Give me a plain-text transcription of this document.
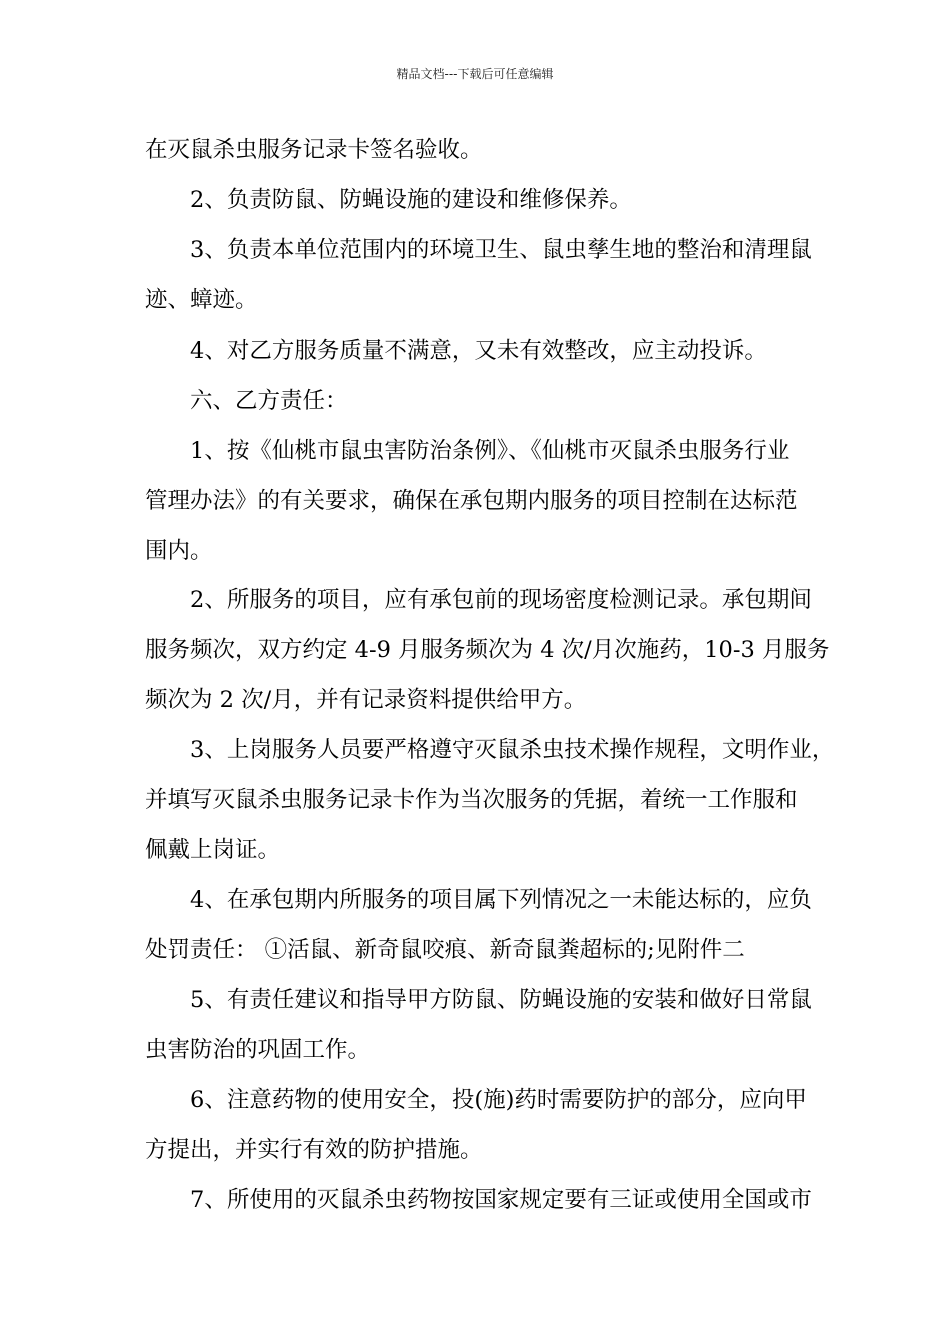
精品文档---下载后可任意编辑
在灭鼠杀虫服务记录卡签名验收。
2、负责防鼠、防蝇设施的建设和维修保养。
3、负责本单位范围内的环境卫生、鼠虫孳生地的整治和清理鼠
迹、蟑迹。
4、对乙方服务质量不满意，又未有效整改，应主动投诉。
六、乙方责任：
1、按《仙桃市鼠虫害防治条例》、《仙桃市灭鼠杀虫服务行业
管理办法》的有关要求，确保在承包期内服务的项目控制在达标范
围内。
2、所服务的项目，应有承包前的现场密度检测记录。承包期间
服务频次，双方约定 4-9 月服务频次为 4 次/月次施药，10-3 月服务
频次为 2 次/月，并有记录资料提供给甲方。
3、上岗服务人员要严格遵守灭鼠杀虫技术操作规程，文明作业，
并填写灭鼠杀虫服务记录卡作为当次服务的凭据，着统一工作服和
佩戴上岗证。
4、在承包期内所服务的项目属下列情况之一未能达标的，应负
处罚责任： ①活鼠、新奇鼠咬痕、新奇鼠粪超标的;见附件二
5、有责任建议和指导甲方防鼠、防蝇设施的安装和做好日常鼠
虫害防治的巩固工作。
6、注意药物的使用安全，投(施)药时需要防护的部分，应向甲
方提出，并实行有效的防护措施。
7、所使用的灭鼠杀虫药物按国家规定要有三证或使用全国或市
